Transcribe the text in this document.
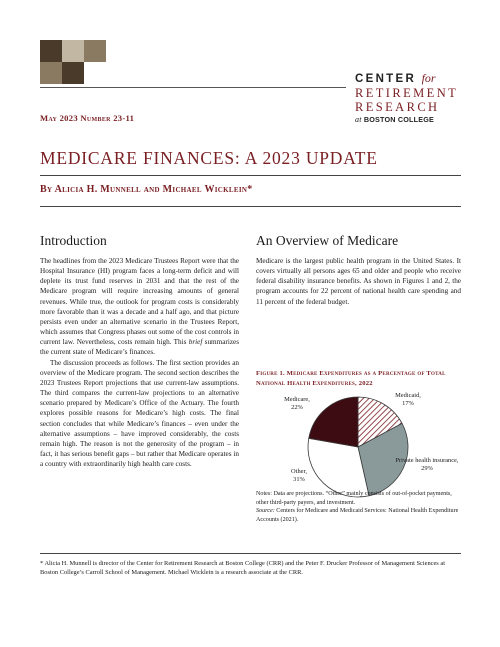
CENTER for
RETIREMENT
RESEARCH
at BOSTON COLLEGE
May 2023 Number 23-11
MEDICARE FINANCES: A 2023 UPDATE
By Alicia H. Munnell and Michael Wicklein*
Introduction

The headlines from the 2023 Medicare Trustees Report were that the Hospital Insurance (HI) program faces a long-term deficit and will deplete its trust fund reserves in 2031 and that the rest of the Medicare program will require increasing amounts of general revenues. While true, the outlook for program costs is considerably more favorable than it was a decade and a half ago, and that picture persists even under an alternative scenario in the Trustees Report, which assumes that Congress phases out some of the cost controls in current law. Nevertheless, costs remain high. This brief summarizes the current state of Medicare’s finances.

The discussion proceeds as follows. The first section provides an overview of the Medicare program. The second section describes the 2023 Trustees Report projections that use current-law assumptions. The third compares the current-law projections to an alternative scenario prepared by Medicare’s Office of the Actuary. The fourth explores possible reasons for Medicare’s high costs. The final section concludes that while Medicare’s finances – even under the alternative assumptions – have improved considerably, the costs remain high. The reason is not the generosity of the program – in fact, it has serious benefit gaps – but rather that Medicare operates in a country with extraordinarily high health care costs.

An Overview of Medicare

Medicare is the largest public health program in the United States. It covers virtually all persons ages 65 and older and people who receive federal disability insurance benefits. As shown in Figures 1 and 2, the program accounts for 22 percent of national health care spending and 11 percent of the federal budget.

Figure 1. Medicare Expenditures as a Percentage of Total National Health Expenditures, 2022
Medicare,
22%
Medicaid,
17%
Private health insurance,
29%
Other,
31%

Notes: Data are projections. “Other” mainly consists of out-of-pocket payments, other third-party payers, and investment.

Source: Centers for Medicare and Medicaid Services: National Health Expenditure Accounts (2021).

* Alicia H. Munnell is director of the Center for Retirement Research at Boston College (CRR) and the Peter F. Drucker Professor of Management Sciences at Boston College’s Carroll School of Management. Michael Wicklein is a research associate at the CRR.
